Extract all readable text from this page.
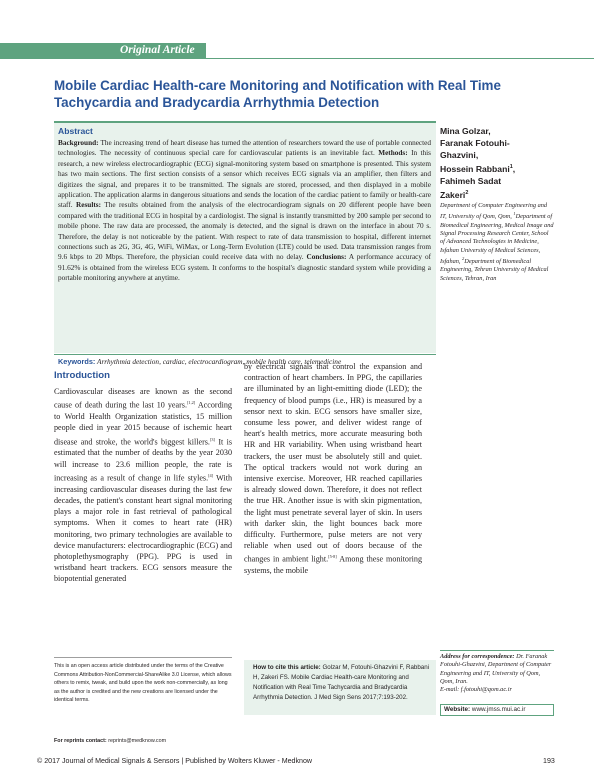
Original Article
Mobile Cardiac Health-care Monitoring and Notification with Real Time Tachycardia and Bradycardia Arrhythmia Detection
Abstract
Background: The increasing trend of heart disease has turned the attention of researchers toward the use of portable connected technologies. The necessity of continuous special care for cardiovascular patients is an inevitable fact. Methods: In this research, a new wireless electrocardiographic (ECG) signal-monitoring system based on smartphone is presented. This system has two main sections. The first section consists of a sensor which receives ECG signals via an amplifier, then filters and digitizes the signal, and prepares it to be transmitted. The signals are stored, processed, and then displayed in a mobile application. The application alarms in dangerous situations and sends the location of the cardiac patient to family or health-care staff. Results: The results obtained from the analysis of the electrocardiogram signals on 20 different people have been compared with the traditional ECG in hospital by a cardiologist. The signal is instantly transmitted by 200 sample per second to mobile phone. The raw data are processed, the anomaly is detected, and the signal is drawn on the interface in about 70 s. Therefore, the delay is not noticeable by the patient. With respect to rate of data transmission to hospital, different internet connections such as 2G, 3G, 4G, WiFi, WiMax, or Long-Term Evolution (LTE) could be used. Data transmission ranges from 9.6 kbps to 20 Mbps. Therefore, the physician could receive data with no delay. Conclusions: A performance accuracy of 91.62% is obtained from the wireless ECG system. It conforms to the hospital's diagnostic standard system while providing a portable monitoring anywhere at anytime.
Keywords: Arrhythmia detection, cardiac, electrocardiogram, mobile health care, telemedicine
Mina Golzar,
Faranak Fotouhi-
Ghazvini,
Hossein Rabbani$^1$,
Fahimeh Sadat
Zakeri$^2$
Department of Computer Engineering and IT, University of Qom, Qom, $^1$Department of Biomedical Engineering, Medical Image and Signal Processing Research Center, School of Advanced Technologies in Medicine, Isfahan University of Medical Sciences, Isfahan, $^2$Department of Biomedical Engineering, Tehran University of Medical Sciences, Tehran, Iran
Introduction
Cardiovascular diseases are known as the second cause of death during the last 10 years.[1,2] According to World Health Organization statistics, 15 million people died in year 2015 because of ischemic heart disease and stroke, the world's biggest killers.[3] It is estimated that the number of deaths by the year 2030 will increase to 23.6 million people, the rate is increasing as a result of change in life styles.[4] With increasing cardiovascular diseases during the last few decades, the patient's constant heart signal monitoring plays a major role in fast retrieval of pathological symptoms. When it comes to heart rate (HR) monitoring, two primary technologies are available to device manufacturers: electrocardiographic (ECG) and photoplethysmography (PPG). PPG is used in wristband heart trackers. ECG sensors measure the biopotential generated
by electrical signals that control the expansion and contraction of heart chambers. In PPG, the capillaries are illuminated by an light-emitting diode (LED); the frequency of blood pumps (i.e., HR) is measured by a sensor next to skin. ECG sensors have smaller size, consume less power, and deliver widest range of heart's health metrics, more accurate measuring both HR and HR variability. When using wristband heart trackers, the user must be absolutely still and quiet. The optical trackers would not work during an intensive exercise. Moreover, HR reached capillaries is already slowed down. Therefore, it does not reflect the true HR. Another issue is with skin pigmentation, the light must penetrate several layer of skin. In users with darker skin, the light bounces back more difficulty. Furthermore, pulse meters are not very reliable when used out of doors because of the changes in ambient light.[5-8] Among these monitoring systems, the mobile
Address for correspondence: Dr. Faranak Fotouhi-Ghazvini, Department of Computer Engineering and IT, University of Qom, Qom, Iran.
E-mail: f.fotouhi@qom.ac.ir
This is an open access article distributed under the terms of the Creative Commons Attribution-NonCommercial-ShareAlike 3.0 License, which allows others to remix, tweak, and build upon the work non-commercially, as long as the author is credited and the new creations are licensed under the identical terms.
For reprints contact: reprints@medknow.com
How to cite this article: Golzar M, Fotouhi-Ghazvini F, Rabbani H, Zakeri FS. Mobile Cardiac Health-care Monitoring and Notification with Real Time Tachycardia and Bradycardia Arrhythmia Detection. J Med Sign Sens 2017;7:193-202.
Website: www.jmss.mui.ac.ir
© 2017 Journal of Medical Signals & Sensors | Published by Wolters Kluwer - Medknow	193
